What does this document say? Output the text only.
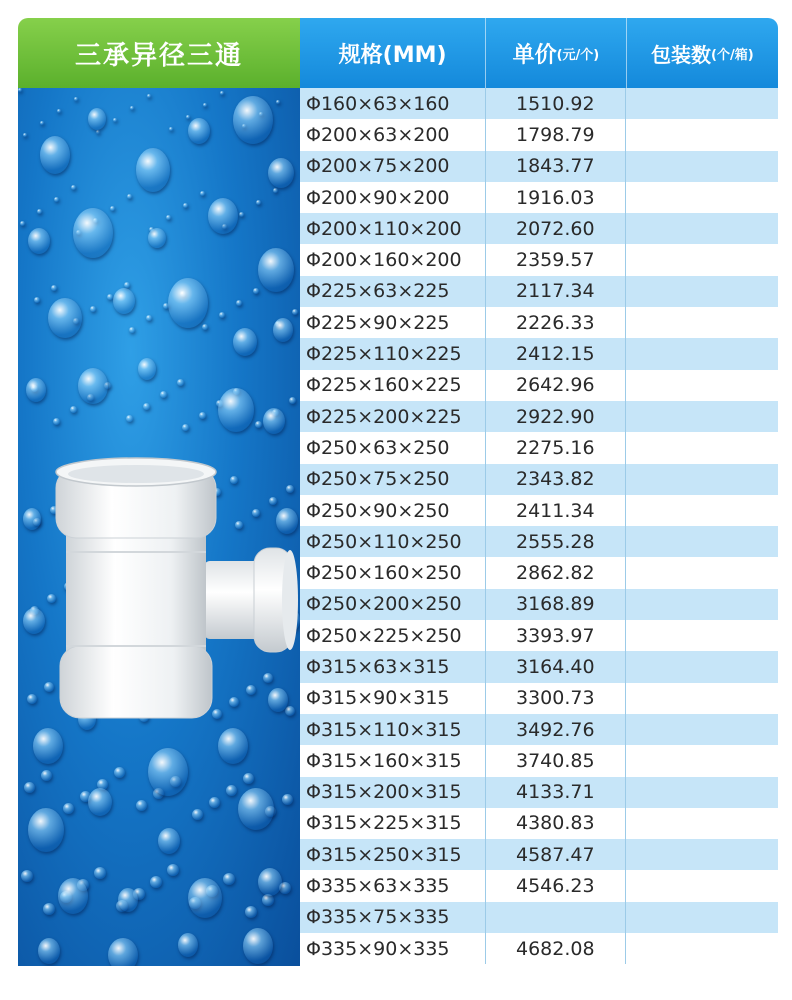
三承异径三通	规格(MM)	单价 (元/个)	包装数 (个/箱)
Φ160×63×160	1510.92
Φ200×63×200	1798.79
Φ200×75×200	1843.77
Φ200×90×200	1916.03
Φ200×110×200	2072.60
Φ200×160×200	2359.57
Φ225×63×225	2117.34
Φ225×90×225	2226.33
Φ225×110×225	2412.15
Φ225×160×225	2642.96
Φ225×200×225	2922.90
Φ250×63×250	2275.16
Φ250×75×250	2343.82
Φ250×90×250	2411.34
Φ250×110×250	2555.28
Φ250×160×250	2862.82
Φ250×200×250	3168.89
Φ250×225×250	3393.97
Φ315×63×315	3164.40
Φ315×90×315	3300.73
Φ315×110×315	3492.76
Φ315×160×315	3740.85
Φ315×200×315	4133.71
Φ315×225×315	4380.83
Φ315×250×315	4587.47
Φ335×63×335	4546.23
Φ335×75×335
Φ335×90×335	4682.08
